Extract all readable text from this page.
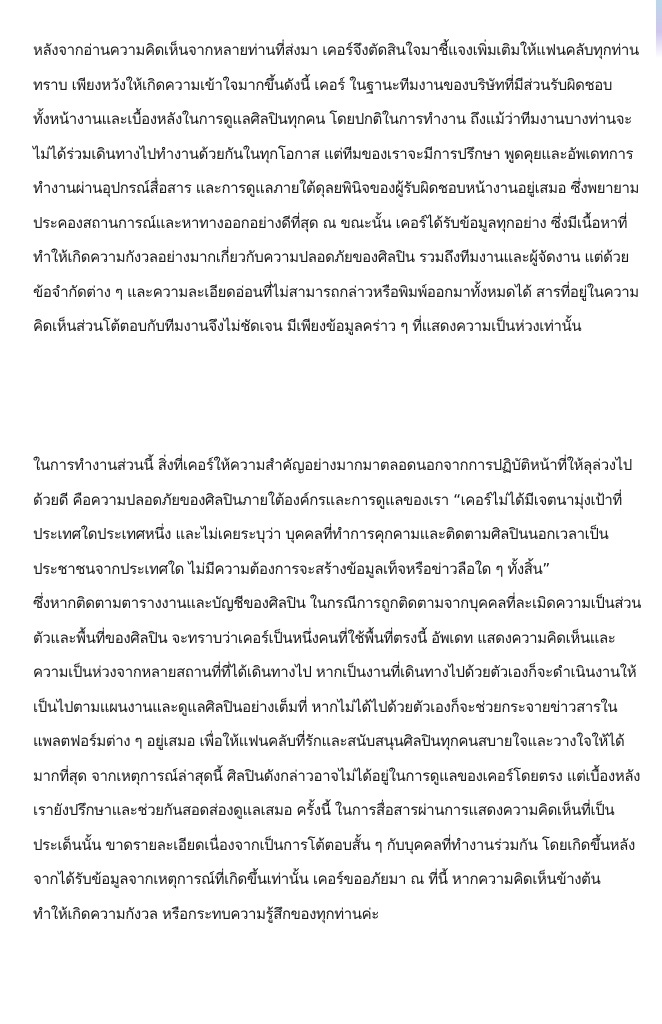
หลังจากอ่านความคิดเห็นจากหลายท่านที่ส่งมา เคอร์จึงตัดสินใจมาชี้แจงเพิ่มเติมให้แฟนคลับทุกท่าน
ทราบ เพียงหวังให้เกิดความเข้าใจมากขึ้นดังนี้ เคอร์ ในฐานะทีมงานของบริษัทที่มีส่วนรับผิดชอบ
ทั้งหน้างานและเบื้องหลังในการดูแลศิลปินทุกคน โดยปกติในการทำงาน ถึงแม้ว่าทีมงานบางท่านจะ
ไม่ได้ร่วมเดินทางไปทำงานด้วยกันในทุกโอกาส แต่ทีมของเราจะมีการปรึกษา พูดคุยและอัพเดทการ
ทำงานผ่านอุปกรณ์สื่อสาร และการดูแลภายใต้ดุลยพินิจของผู้รับผิดชอบหน้างานอยู่เสมอ ซึ่งพยายาม
ประคองสถานการณ์และหาทางออกอย่างดีที่สุด ณ ขณะนั้น เคอร์ได้รับข้อมูลทุกอย่าง ซึ่งมีเนื้อหาที่
ทำให้เกิดความกังวลอย่างมากเกี่ยวกับความปลอดภัยของศิลปิน รวมถึงทีมงานและผู้จัดงาน แต่ด้วย
ข้อจำกัดต่าง ๆ และความละเอียดอ่อนที่ไม่สามารถกล่าวหรือพิมพ์ออกมาทั้งหมดได้ สารที่อยู่ในความ
คิดเห็นส่วนโต้ตอบกับทีมงานจึงไม่ชัดเจน มีเพียงข้อมูลคร่าว ๆ ที่แสดงความเป็นห่วงเท่านั้น
ในการทำงานส่วนนี้ สิ่งที่เคอร์ให้ความสำคัญอย่างมากมาตลอดนอกจากการปฏิบัติหน้าที่ให้ลุล่วงไป
ด้วยดี คือความปลอดภัยของศิลปินภายใต้องค์กรและการดูแลของเรา “เคอร์ไม่ได้มีเจตนามุ่งเป้าที่
ประเทศใดประเทศหนึ่ง และไม่เคยระบุว่า บุคคลที่ทำการคุกคามและติดตามศิลปินนอกเวลาเป็น
ประชาชนจากประเทศใด ไม่มีความต้องการจะสร้างข้อมูลเท็จหรือข่าวลือใด ๆ ทั้งสิ้น”
ซึ่งหากติดตามตารางงานและบัญชีของศิลปิน ในกรณีการถูกติดตามจากบุคคลที่ละเมิดความเป็นส่วน
ตัวและพื้นที่ของศิลปิน จะทราบว่าเคอร์เป็นหนึ่งคนที่ใช้พื้นที่ตรงนี้ อัพเดท แสดงความคิดเห็นและ
ความเป็นห่วงจากหลายสถานที่ที่ได้เดินทางไป หากเป็นงานที่เดินทางไปด้วยตัวเองก็จะดำเนินงานให้
เป็นไปตามแผนงานและดูแลศิลปินอย่างเต็มที่ หากไม่ได้ไปด้วยตัวเองก็จะช่วยกระจายข่าวสารใน
แพลตฟอร์มต่าง ๆ อยู่เสมอ เพื่อให้แฟนคลับที่รักและสนับสนุนศิลปินทุกคนสบายใจและวางใจให้ได้
มากที่สุด จากเหตุการณ์ล่าสุดนี้ ศิลปินดังกล่าวอาจไม่ได้อยู่ในการดูแลของเคอร์โดยตรง แต่เบื้องหลัง
เรายังปรึกษาและช่วยกันสอดส่องดูแลเสมอ ครั้งนี้ ในการสื่อสารผ่านการแสดงความคิดเห็นที่เป็น
ประเด็นนั้น ขาดรายละเอียดเนื่องจากเป็นการโต้ตอบสั้น ๆ กับบุคคลที่ทำงานร่วมกัน โดยเกิดขึ้นหลัง
จากได้รับข้อมูลจากเหตุการณ์ที่เกิดขึ้นเท่านั้น เคอร์ขออภัยมา ณ ที่นี้ หากความคิดเห็นข้างต้น
ทำให้เกิดความกังวล หรือกระทบความรู้สึกของทุกท่านค่ะ
